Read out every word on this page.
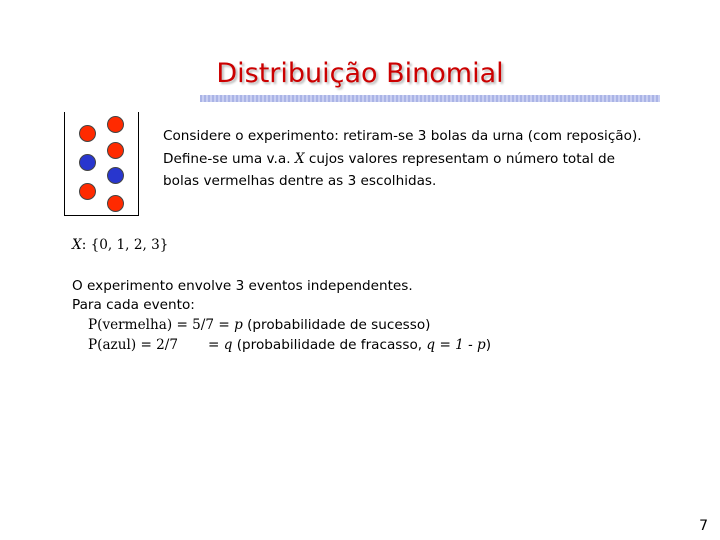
Distribuição Binomial
Considere o experimento: retiram-se 3 bolas da urna (com reposição).
Define-se uma v.a. X cujos valores representam o número total de
bolas vermelhas dentre as 3 escolhidas.
X: {0, 1, 2, 3}
O experimento envolve 3 eventos independentes.
Para cada evento:
P(vermelha) = 5/7 = p (probabilidade de sucesso)
P(azul) = 2/7 = q (probabilidade de fracasso, q = 1 - p)
7
